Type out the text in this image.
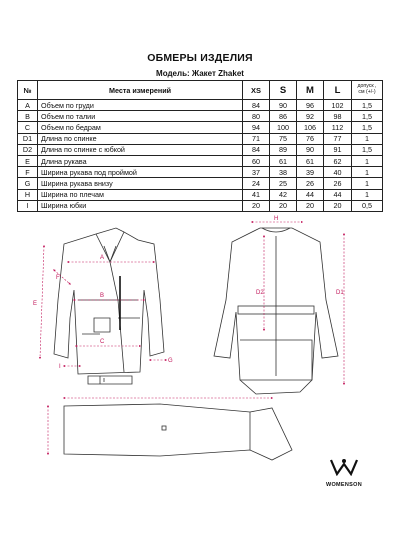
ОБМЕРЫ ИЗДЕЛИЯ
Модель: Жакет Zhaket
№	Места измерений	XS	S	M	L	допуск , см (+/-)
A	Объем по груди	84	90	96	102	1,5
B	Объем по талии	80	86	92	98	1,5
C	Объем по бедрам	94	100	106	112	1,5
D1	Длина по спинке	71	75	76	77	1
D2	Длина по спинке с юбкой	84	89	90	91	1,5
E	Длина рукава	60	61	61	62	1
F	Ширина рукава под проймой	37	38	39	40	1
G	Ширина рукава внизу	24	25	26	26	1
H	Ширина по плечам	41	42	44	44	1
I	Ширина юбки	20	20	20	20	0,5
A
B
C
E
F
G
I
H
D2	D1
WOMENSON
